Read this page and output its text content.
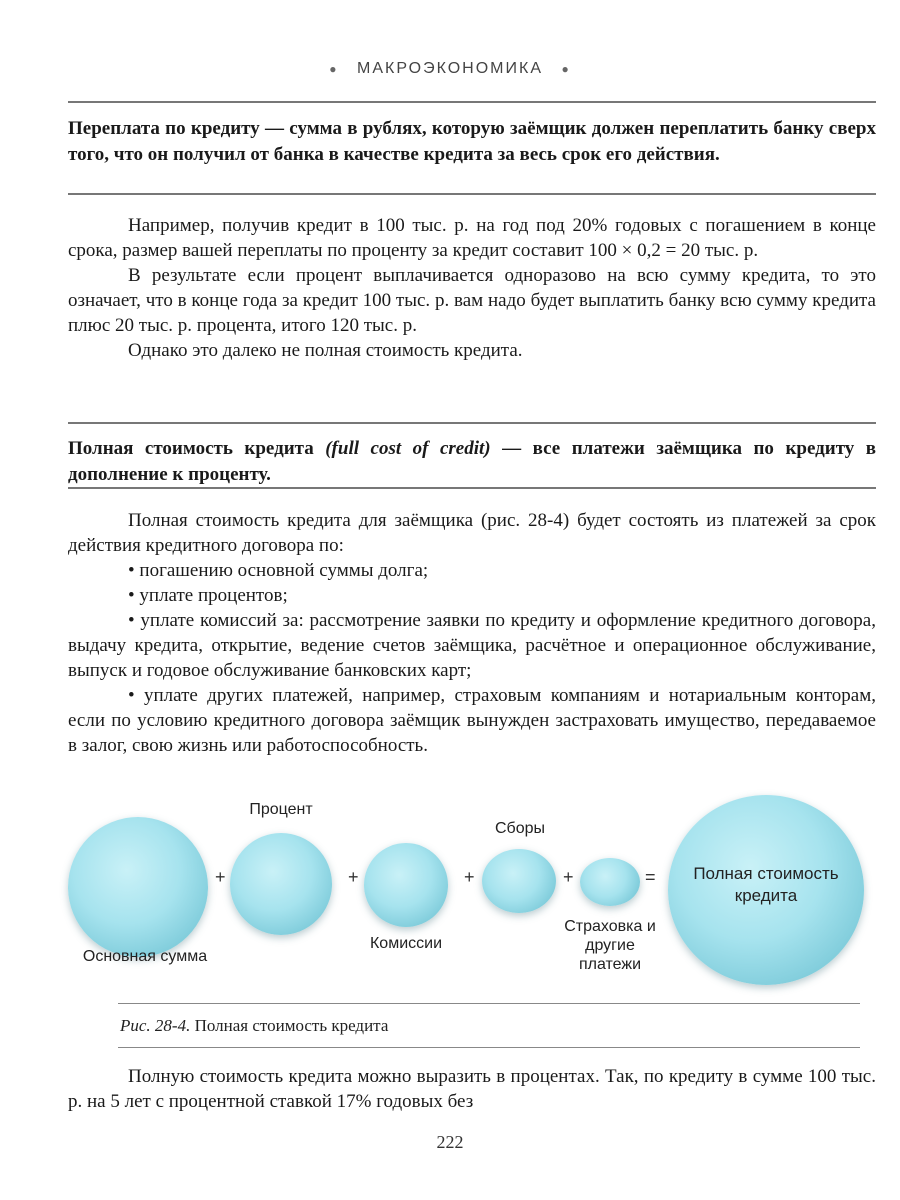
● МАКРОЭКОНОМИКА ●
Переплата по кредиту — сумма в рублях, которую заёмщик должен переплатить банку сверх того, что он получил от банка в качестве кредита за весь срок его действия.

Например, получив кредит в 100 тыс. р. на год под 20% годовых с погашением в конце срока, размер вашей переплаты по проценту за кредит составит 100 × 0,2 = 20 тыс. р.

В результате если процент выплачивается одноразово на всю сумму кредита, то это означает, что в конце года за кредит 100 тыс. р. вам надо будет выплатить банку всю сумму кредита плюс 20 тыс. р. процента, итого 120 тыс. р.

Однако это далеко не полная стоимость кредита.

Полная стоимость кредита (full cost of credit) — все платежи заёмщика по кредиту в дополнение к проценту.

Полная стоимость кредита для заёмщика (рис. 28-4) будет состоять из платежей за срок действия кредитного договора по:

• погашению основной суммы долга;

• уплате процентов;

• уплате комиссий за: рассмотрение заявки по кредиту и оформление кредитного договора, выдачу кредита, открытие, ведение счетов заёмщика, расчётное и операционное обслуживание, выпуск и годовое обслуживание банковских карт;

• уплате других платежей, например, страховым компаниям и нотариальным конторам, если по условию кредитного договора заёмщик вынужден застраховать имущество, передаваемое в залог, свою жизнь или работоспособность.

Основная сумма
+
Процент
+
Комиссии
+
Сборы
+
Страховка и другие платежи
=	Полная стоимость кредита
Рис. 28-4. Полная стоимость кредита

Полную стоимость кредита можно выразить в процентах. Так, по кредиту в сумме 100 тыс. р. на 5 лет с процентной ставкой 17% годовых без

222
